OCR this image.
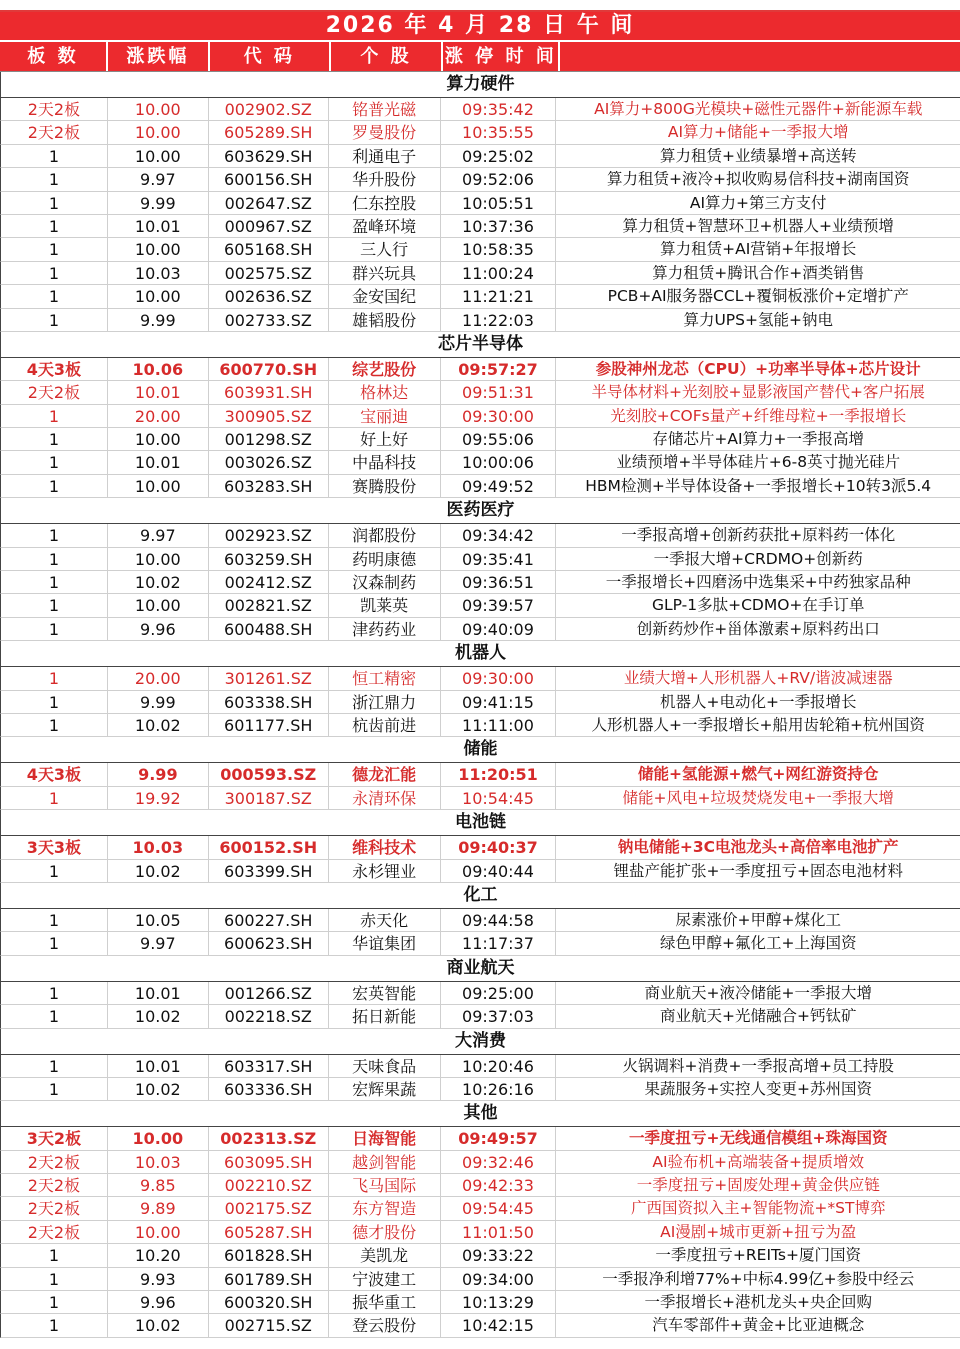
2026 年 4 月 28 日 午 间
板 数	涨跌幅(%)
代 码	个 股	涨 停 时 间
算力硬件
2天2板	10.00	002902.SZ	铭普光磁	09:35:42	AI算力+800G光模块+磁性元器件+新能源车载
2天2板	10.00	605289.SH	罗曼股份	10:35:55	AI算力+储能+一季报大增
1	10.00	603629.SH	利通电子	09:25:02	算力租赁+业绩暴增+高送转
1	9.97	600156.SH	华升股份	09:52:06	算力租赁+液冷+拟收购易信科技+湖南国资
1	9.99	002647.SZ	仁东控股	10:05:51	AI算力+第三方支付
1	10.01	000967.SZ	盈峰环境	10:37:36	算力租赁+智慧环卫+机器人+业绩预增
1	10.00	605168.SH	三人行	10:58:35	算力租赁+AI营销+年报增长
1	10.03	002575.SZ	群兴玩具	11:00:24	算力租赁+腾讯合作+酒类销售
1	10.00	002636.SZ	金安国纪	11:21:21	PCB+AI服务器CCL+覆铜板涨价+定增扩产
1	9.99	002733.SZ	雄韬股份	11:22:03	算力UPS+氢能+钠电
芯片半导体
4天3板	10.06	600770.SH	综艺股份	09:57:27	参股神州龙芯（CPU）+功率半导体+芯片设计
2天2板	10.01	603931.SH	格林达	09:51:31	半导体材料+光刻胶+显影液国产替代+客户拓展
1	20.00	300905.SZ	宝丽迪	09:30:00	光刻胶+COFs量产+纤维母粒+一季报增长
1	10.00	001298.SZ	好上好	09:55:06	存储芯片+AI算力+一季报高增
1	10.01	003026.SZ	中晶科技	10:00:06	业绩预增+半导体硅片+6-8英寸抛光硅片
1	10.00	603283.SH	赛腾股份	09:49:52	HBM检测+半导体设备+一季报增长+10转3派5.4
医药医疗
1	9.97	002923.SZ	润都股份	09:34:42	一季报高增+创新药获批+原料药一体化
1	10.00	603259.SH	药明康德	09:35:41	一季报大增+CRDMO+创新药
1	10.02	002412.SZ	汉森制药	09:36:51	一季报增长+四磨汤中选集采+中药独家品种
1	10.00	002821.SZ	凯莱英	09:39:57	GLP-1多肽+CDMO+在手订单
1	9.96	600488.SH	津药药业	09:40:09	创新药炒作+甾体激素+原料药出口
机器人
1	20.00	301261.SZ	恒工精密	09:30:00	业绩大增+人形机器人+RV/谐波减速器
1	9.99	603338.SH	浙江鼎力	09:41:15	机器人+电动化+一季报增长
1	10.02	601177.SH	杭齿前进	11:11:00	人形机器人+一季报增长+船用齿轮箱+杭州国资
储能
4天3板	9.99	000593.SZ	德龙汇能	11:20:51	储能+氢能源+燃气+网红游资持仓
1	19.92	300187.SZ	永清环保	10:54:45	储能+风电+垃圾焚烧发电+一季报大增
电池链
3天3板	10.03	600152.SH	维科技术	09:40:37	钠电储能+3C电池龙头+高倍率电池扩产
1	10.02	603399.SH	永杉锂业	09:40:44	锂盐产能扩张+一季度扭亏+固态电池材料
化工
1	10.05	600227.SH	赤天化	09:44:58	尿素涨价+甲醇+煤化工
1	9.97	600623.SH	华谊集团	11:17:37	绿色甲醇+氟化工+上海国资
商业航天
1	10.01	001266.SZ	宏英智能	09:25:00	商业航天+液冷储能+一季报大增
1	10.02	002218.SZ	拓日新能	09:37:03	商业航天+光储融合+钙钛矿
大消费
1	10.01	603317.SH	天味食品	10:20:46	火锅调料+消费+一季报高增+员工持股
1	10.02	603336.SH	宏辉果蔬	10:26:16	果蔬服务+实控人变更+苏州国资
其他
3天2板	10.00	002313.SZ	日海智能	09:49:57	一季度扭亏+无线通信模组+珠海国资
2天2板	10.03	603095.SH	越剑智能	09:32:46	AI验布机+高端装备+提质增效
2天2板	9.85	002210.SZ	飞马国际	09:42:33	一季度扭亏+固废处理+黄金供应链
2天2板	9.89	002175.SZ	东方智造	09:54:45	广西国资拟入主+智能物流+*ST博弈
2天2板	10.00	605287.SH	德才股份	11:01:50	AI漫剧+城市更新+扭亏为盈
1	10.20	601828.SH	美凯龙	09:33:22	一季度扭亏+REITs+厦门国资
1	9.93	601789.SH	宁波建工	09:34:00	一季报净利增77%+中标4.99亿+参股中经云
1	9.96	600320.SH	振华重工	10:13:29	一季报增长+港机龙头+央企回购
1	10.02	002715.SZ	登云股份	10:42:15	汽车零部件+黄金+比亚迪概念
